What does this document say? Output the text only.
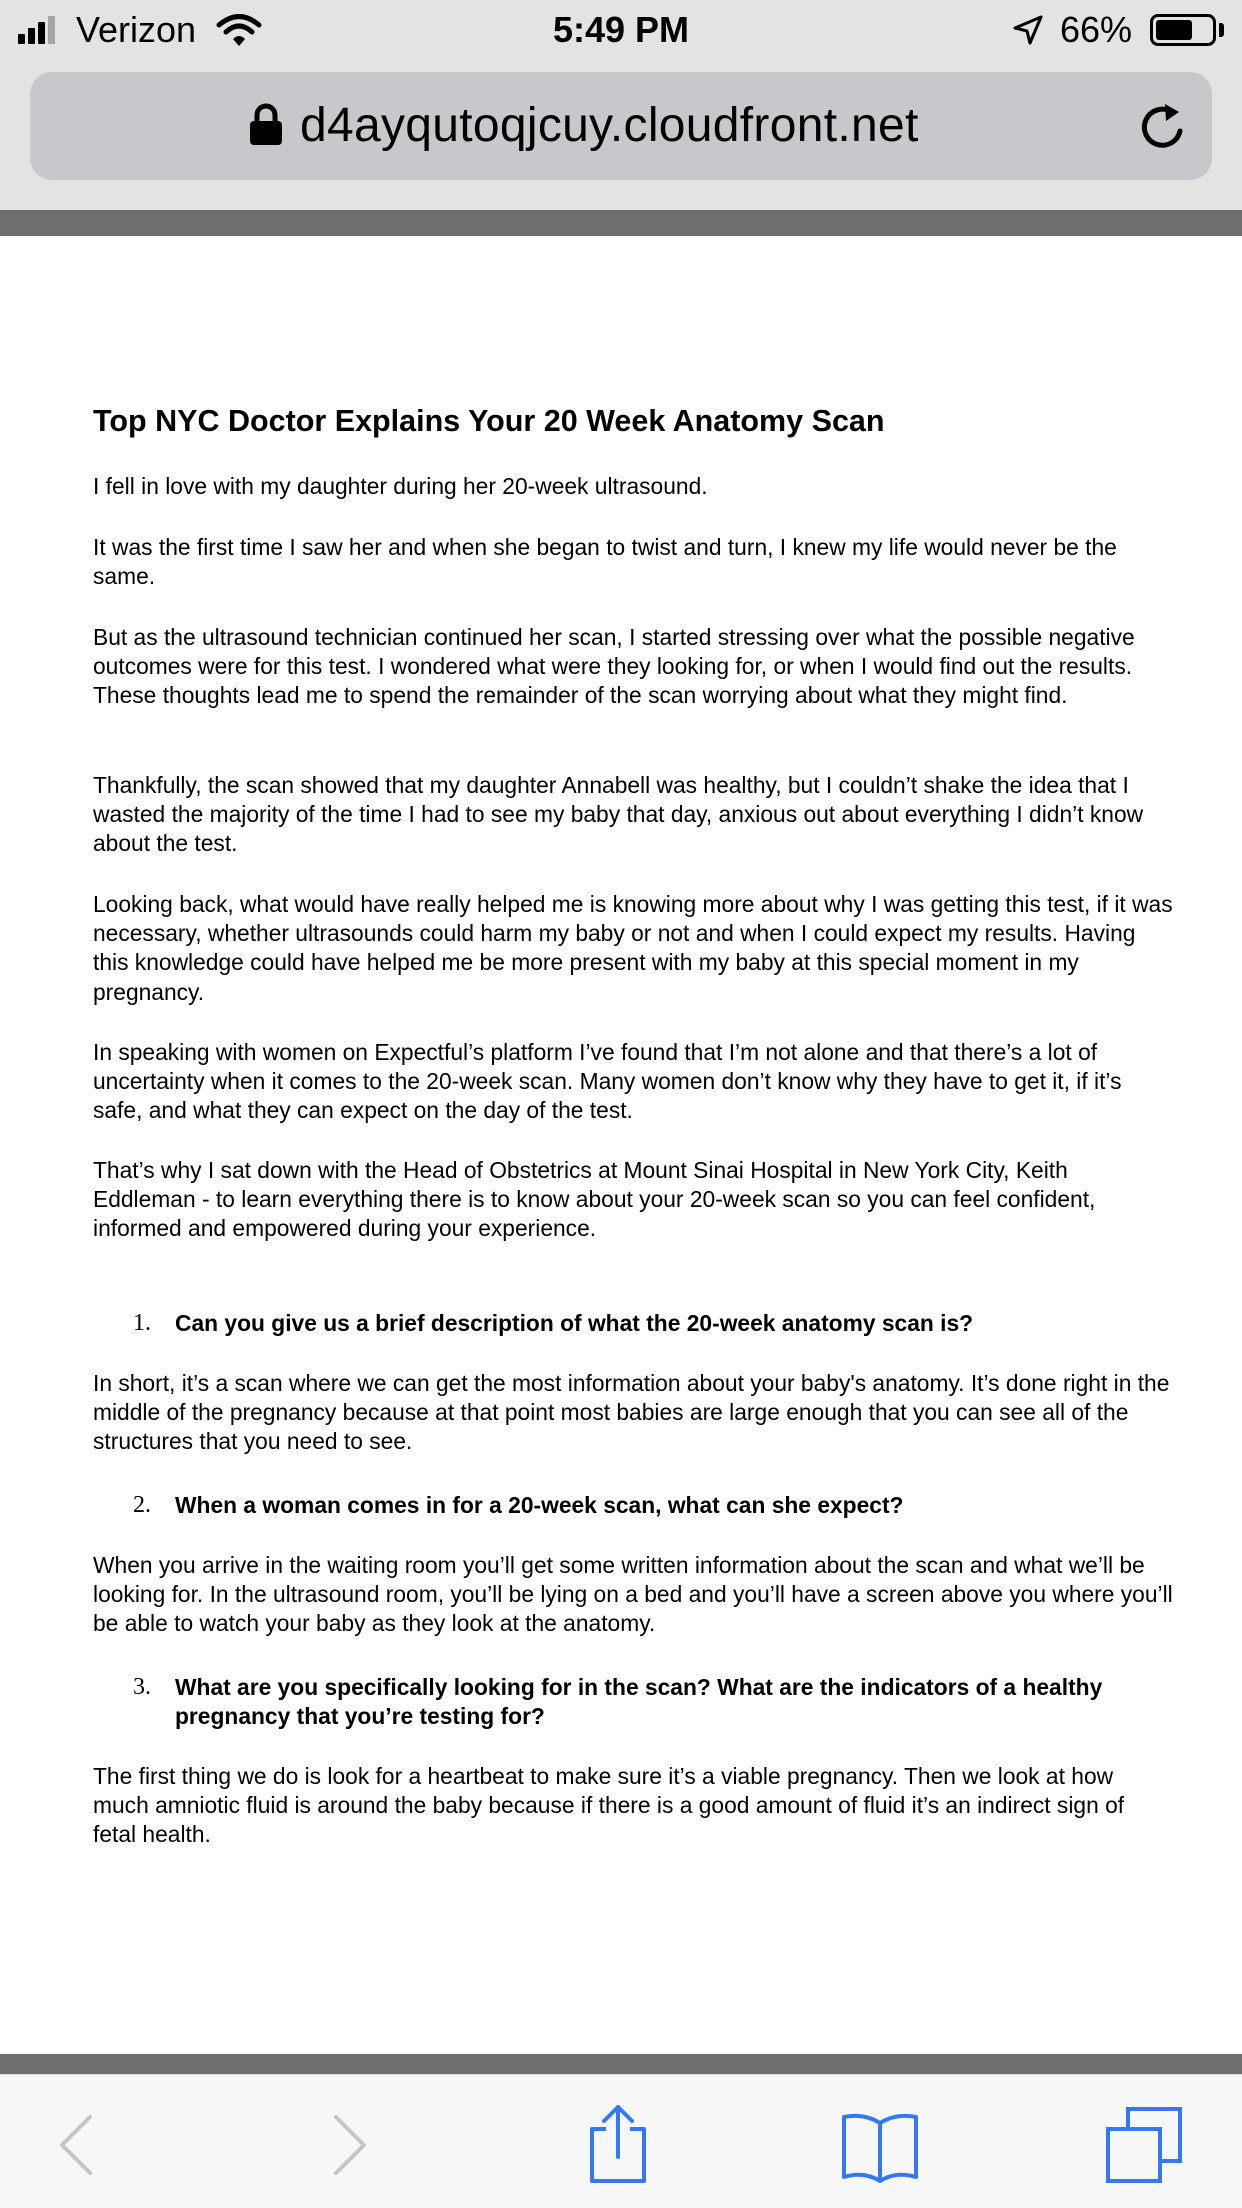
Verizon	5:49 PM	66%
d4ayqutoqjcuy.cloudfront.net
Top NYC Doctor Explains Your 20 Week Anatomy Scan

I fell in love with my daughter during her 20-week ultrasound.

It was the first time I saw her and when she began to twist and turn, I knew my life would never be the same.

But as the ultrasound technician continued her scan, I started stressing over what the possible negative outcomes were for this test. I wondered what were they looking for, or when I would find out the results. These thoughts lead me to spend the remainder of the scan worrying about what they might find.

Thankfully, the scan showed that my daughter Annabell was healthy, but I couldn’t shake the idea that I wasted the majority of the time I had to see my baby that day, anxious out about everything I didn’t know about the test.

Looking back, what would have really helped me is knowing more about why I was getting this test, if it was necessary, whether ultrasounds could harm my baby or not and when I could expect my results. Having this knowledge could have helped me be more present with my baby at this special moment in my pregnancy.

In speaking with women on Expectful’s platform I’ve found that I’m not alone and that there’s a lot of uncertainty when it comes to the 20-week scan. Many women don’t know why they have to get it, if it’s safe, and what they can expect on the day of the test.

That’s why I sat down with the Head of Obstetrics at Mount Sinai Hospital in New York City, Keith Eddleman - to learn everything there is to know about your 20-week scan so you can feel confident, informed and empowered during your experience.

1. Can you give us a brief description of what the 20-week anatomy scan is?

In short, it’s a scan where we can get the most information about your baby's anatomy. It’s done right in the middle of the pregnancy because at that point most babies are large enough that you can see all of the structures that you need to see.

2. When a woman comes in for a 20-week scan, what can she expect?

When you arrive in the waiting room you’ll get some written information about the scan and what we’ll be looking for. In the ultrasound room, you’ll be lying on a bed and you’ll have a screen above you where you’ll be able to watch your baby as they look at the anatomy.

3. What are you specifically looking for in the scan? What are the indicators of a healthy pregnancy that you’re testing for?

The first thing we do is look for a heartbeat to make sure it’s a viable pregnancy. Then we look at how much amniotic fluid is around the baby because if there is a good amount of fluid it’s an indirect sign of fetal health.
